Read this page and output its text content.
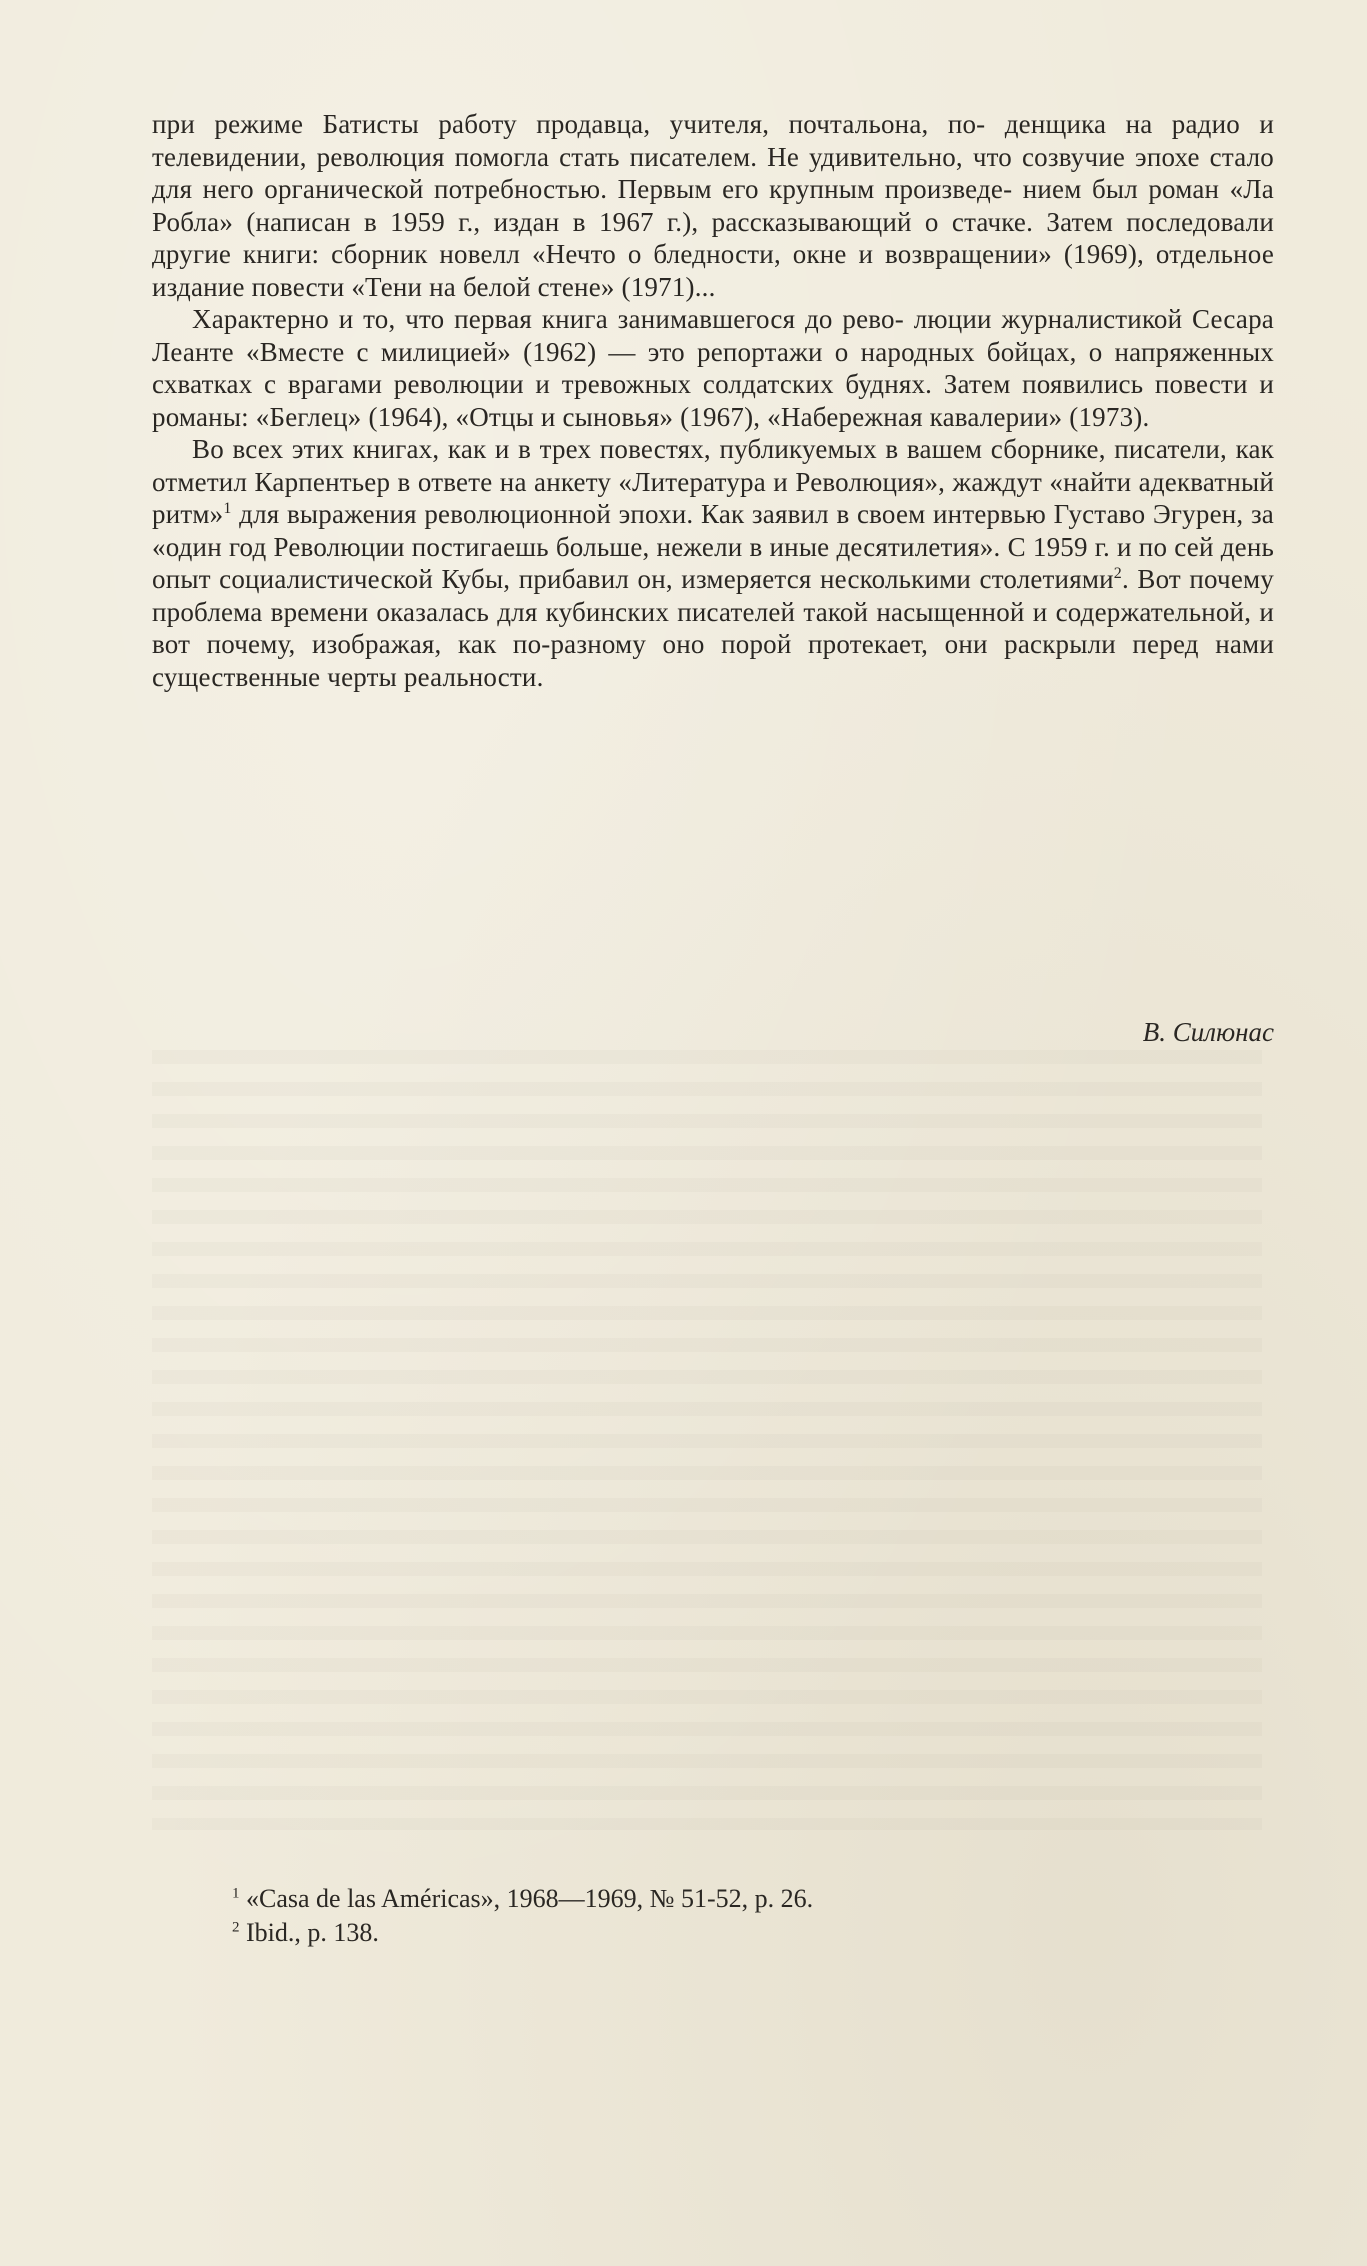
при режиме Батисты работу продавца, учителя, почтальона, по- денщика на радио и телевидении, революция помогла стать писателем. Не удивительно, что созвучие эпохе стало для него органической потребностью. Первым его крупным произведе- нием был роман «Ла Робла» (написан в 1959 г., издан в 1967 г.), рассказывающий о стачке. Затем последовали другие книги: сборник новелл «Нечто о бледности, окне и возвращении» (1969), отдельное издание повести «Тени на белой стене» (1971)...

Характерно и то, что первая книга занимавшегося до рево- люции журналистикой Сесара Леанте «Вместе с милицией» (1962) — это репортажи о народных бойцах, о напряженных схватках с врагами революции и тревожных солдатских буднях. Затем появились повести и романы: «Беглец» (1964), «Отцы и сыновья» (1967), «Набережная кавалерии» (1973).

Во всех этих книгах, как и в трех повестях, публикуемых в вашем сборнике, писатели, как отметил Карпентьер в ответе на анкету «Литература и Революция», жаждут «найти адекватный ритм»$^1$ для выражения революционной эпохи. Как заявил в своем интервью Густаво Эгурен, за «один год Революции постигаешь больше, нежели в иные десятилетия». С 1959 г. и по сей день опыт социалистической Кубы, прибавил он, измеряется несколькими столетиями$^2$. Вот почему проблема времени оказалась для кубинских писателей такой насыщенной и содержательной, и вот почему, изображая, как по-разному оно порой протекает, они раскрыли перед нами существенные черты реальности.

В. Силюнас

$^1$ «Casa de las Américas», 1968—1969, № 51-52, p. 26.

$^2$ Ibid., p. 138.
